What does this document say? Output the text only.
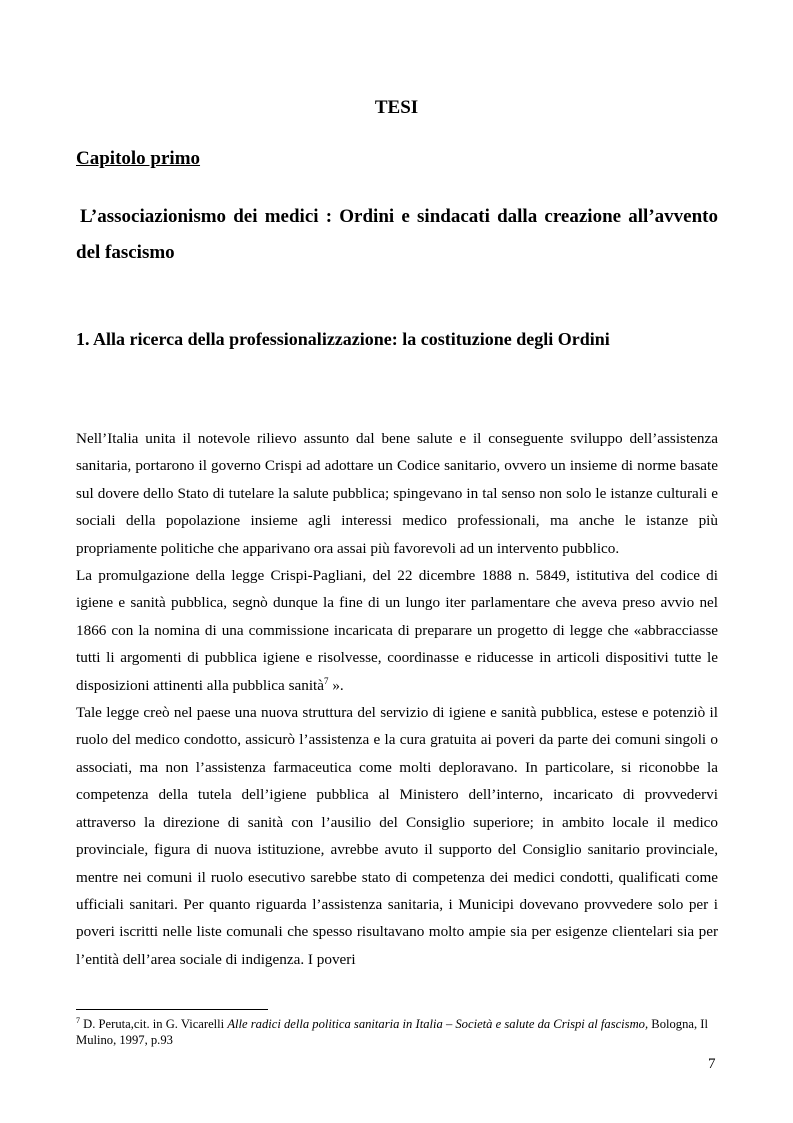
TESI
Capitolo primo
L’associazionismo dei medici : Ordini e sindacati dalla creazione all’avvento del fascismo
1. Alla ricerca della professionalizzazione: la costituzione degli Ordini

Nell’Italia unita il notevole rilievo assunto dal bene salute e il conseguente sviluppo dell’assistenza sanitaria, portarono il governo Crispi ad adottare un Codice sanitario, ovvero un insieme di norme basate sul dovere dello Stato di tutelare la salute pubblica; spingevano in tal senso non solo le istanze culturali e sociali della popolazione insieme agli interessi medico professionali, ma anche le istanze più propriamente politiche che apparivano ora assai più favorevoli ad un intervento pubblico.

La promulgazione della legge Crispi-Pagliani, del 22 dicembre 1888 n. 5849, istitutiva del codice di igiene e sanità pubblica, segnò dunque la fine di un lungo iter parlamentare che aveva preso avvio nel 1866 con la nomina di una commissione incaricata di preparare un progetto di legge che «abbracciasse tutti li argomenti di pubblica igiene e risolvesse, coordinasse e riducesse in articoli dispositivi tutte le disposizioni attinenti alla pubblica sanità$^7$ ».

Tale legge creò nel paese una nuova struttura del servizio di igiene e sanità pubblica, estese e potenziò il ruolo del medico condotto, assicurò l’assistenza e la cura gratuita ai poveri da parte dei comuni singoli o associati, ma non l’assistenza farmaceutica come molti deploravano. In particolare, si riconobbe la competenza della tutela dell’igiene pubblica al Ministero dell’interno, incaricato di provvedervi attraverso la direzione di sanità con l’ausilio del Consiglio superiore; in ambito locale il medico provinciale, figura di nuova istituzione, avrebbe avuto il supporto del Consiglio sanitario provinciale, mentre nei comuni il ruolo esecutivo sarebbe stato di competenza dei medici condotti, qualificati come ufficiali sanitari. Per quanto riguarda l’assistenza sanitaria, i Municipi dovevano provvedere solo per i poveri iscritti nelle liste comunali che spesso risultavano molto ampie sia per esigenze clientelari sia per l’entità dell’area sociale di indigenza. I poveri

$^7$ D. Peruta,cit. in G. Vicarelli Alle radici della politica sanitaria in Italia – Società e salute da Crispi al fascismo, Bologna, Il Mulino, 1997, p.93

7
